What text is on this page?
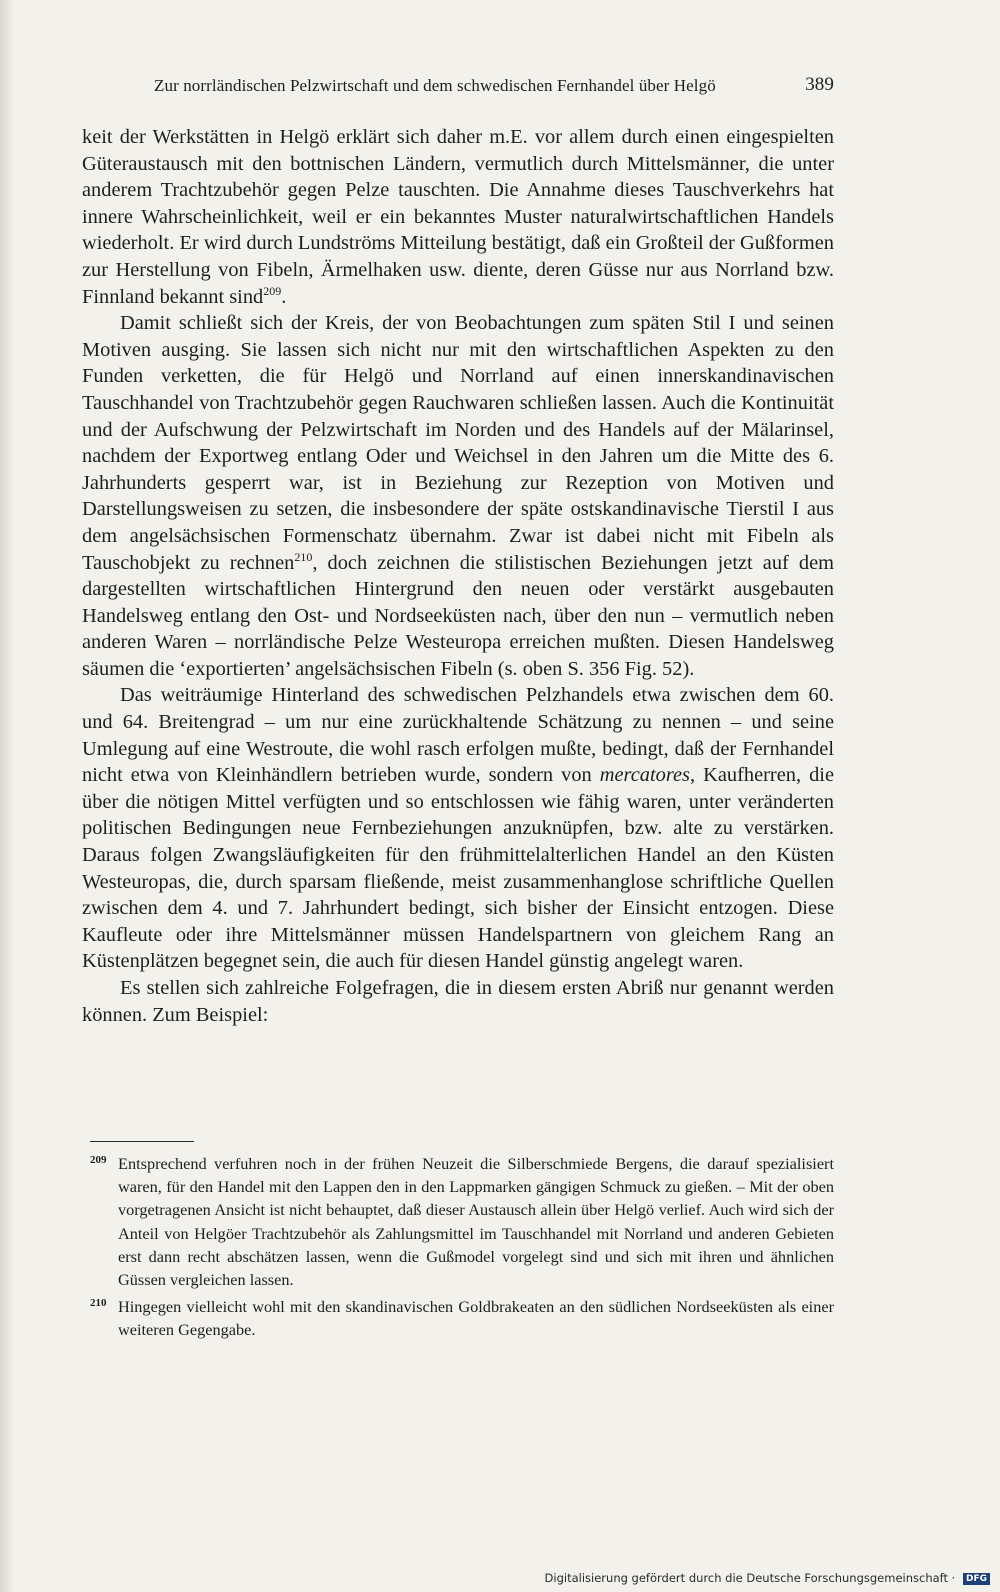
Zur norrländischen Pelzwirtschaft und dem schwedischen Fernhandel über Helgö	389

keit der Werkstätten in Helgö erklärt sich daher m.E. vor allem durch einen eingespielten Güteraustausch mit den bottnischen Ländern, vermutlich durch Mittelsmänner, die unter anderem Trachtzubehör gegen Pelze tauschten. Die Annahme dieses Tauschverkehrs hat innere Wahrscheinlichkeit, weil er ein bekanntes Muster naturalwirtschaftlichen Handels wiederholt. Er wird durch Lundströms Mitteilung bestätigt, daß ein Großteil der Gußformen zur Herstellung von Fibeln, Ärmelhaken usw. diente, deren Güsse nur aus Norrland bzw. Finnland bekannt sind$^{209}$.

Damit schließt sich der Kreis, der von Beobachtungen zum späten Stil I und seinen Motiven ausging. Sie lassen sich nicht nur mit den wirtschaftlichen Aspekten zu den Funden verketten, die für Helgö und Norrland auf einen innerskandinavischen Tauschhandel von Trachtzubehör gegen Rauchwaren schließen lassen. Auch die Kontinuität und der Aufschwung der Pelzwirtschaft im Norden und des Handels auf der Mälarinsel, nachdem der Exportweg entlang Oder und Weichsel in den Jahren um die Mitte des 6. Jahrhunderts gesperrt war, ist in Beziehung zur Rezeption von Motiven und Darstellungsweisen zu setzen, die insbesondere der späte ostskandinavische Tierstil I aus dem angelsächsischen Formenschatz übernahm. Zwar ist dabei nicht mit Fibeln als Tauschobjekt zu rechnen$^{210}$, doch zeichnen die stilistischen Beziehungen jetzt auf dem dargestellten wirtschaftlichen Hintergrund den neuen oder verstärkt ausgebauten Handelsweg entlang den Ost- und Nordseeküsten nach, über den nun – vermutlich neben anderen Waren – norrländische Pelze Westeuropa erreichen mußten. Diesen Handelsweg säumen die ‘exportierten’ angelsächsischen Fibeln (s. oben S. 356 Fig. 52).

Das weiträumige Hinterland des schwedischen Pelzhandels etwa zwischen dem 60. und 64. Breitengrad – um nur eine zurückhaltende Schätzung zu nennen – und seine Umlegung auf eine Westroute, die wohl rasch erfolgen mußte, bedingt, daß der Fernhandel nicht etwa von Kleinhändlern betrieben wurde, sondern von mercatores, Kaufherren, die über die nötigen Mittel verfügten und so entschlossen wie fähig waren, unter veränderten politischen Bedingungen neue Fernbeziehungen anzuknüpfen, bzw. alte zu verstärken. Daraus folgen Zwangsläufigkeiten für den frühmittelalterlichen Handel an den Küsten Westeuropas, die, durch sparsam fließende, meist zusammenhanglose schriftliche Quellen zwischen dem 4. und 7. Jahrhundert bedingt, sich bisher der Einsicht entzogen. Diese Kaufleute oder ihre Mittelsmänner müssen Handelspartnern von gleichem Rang an Küstenplätzen begegnet sein, die auch für diesen Handel günstig angelegt waren.

Es stellen sich zahlreiche Folgefragen, die in diesem ersten Abriß nur genannt werden können. Zum Beispiel:

209 Entsprechend verfuhren noch in der frühen Neuzeit die Silberschmiede Bergens, die darauf spezialisiert waren, für den Handel mit den Lappen den in den Lappmarken gängigen Schmuck zu gießen. – Mit der oben vorgetragenen Ansicht ist nicht behauptet, daß dieser Austausch allein über Helgö verlief. Auch wird sich der Anteil von Helgöer Trachtzubehör als Zahlungsmittel im Tauschhandel mit Norrland und anderen Gebieten erst dann recht abschätzen lassen, wenn die Gußmodel vorgelegt sind und sich mit ihren und ähnlichen Güssen vergleichen lassen.

210 Hingegen vielleicht wohl mit den skandinavischen Goldbrakeaten an den südlichen Nordseeküsten als einer weiteren Gegengabe.

Digitalisierung gefördert durch die Deutsche Forschungsgemeinschaft · DFG
